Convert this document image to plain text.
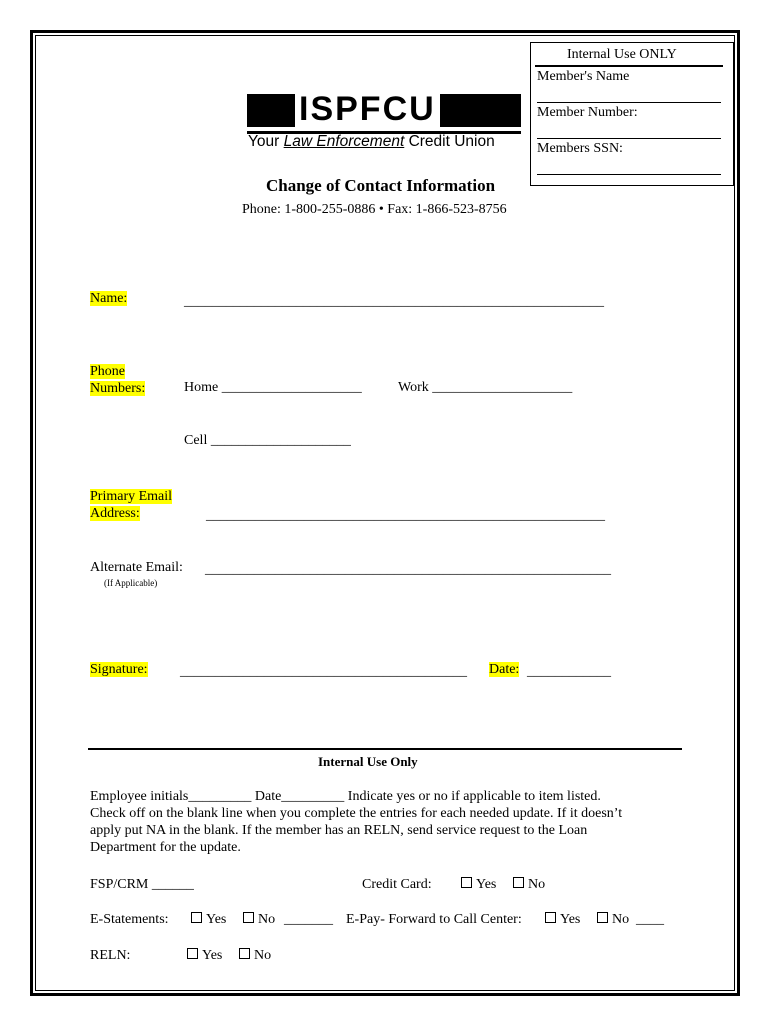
Internal Use ONLY
Member's Name
Member Number:
Members SSN:
ISPFCU
Your Law Enforcement Credit Union
Change of Contact Information
Phone: 1-800-255-0886 • Fax: 1-866-523-8756
Name:	____________________________________________________________
Phone
Numbers:	Home ____________________	Work ____________________
Cell ____________________
Primary Email
Address:	_________________________________________________________
Alternate Email: __________________________________________________________
(If Applicable)
Signature: _________________________________________ Date: ____________
Internal Use Only
Employee initials_________ Date_________ Indicate yes or no if applicable to item listed.
Check off on the blank line when you complete the entries for each needed update. If it doesn’t
apply put NA in the blank. If the member has an RELN, send service request to the Loan
Department for the update.
FSP/CRM ______	Credit Card:	Yes	No
E-Statements:	Yes	No _______ E-Pay- Forward to Call Center:	Yes	No ____
RELN:	Yes	No
